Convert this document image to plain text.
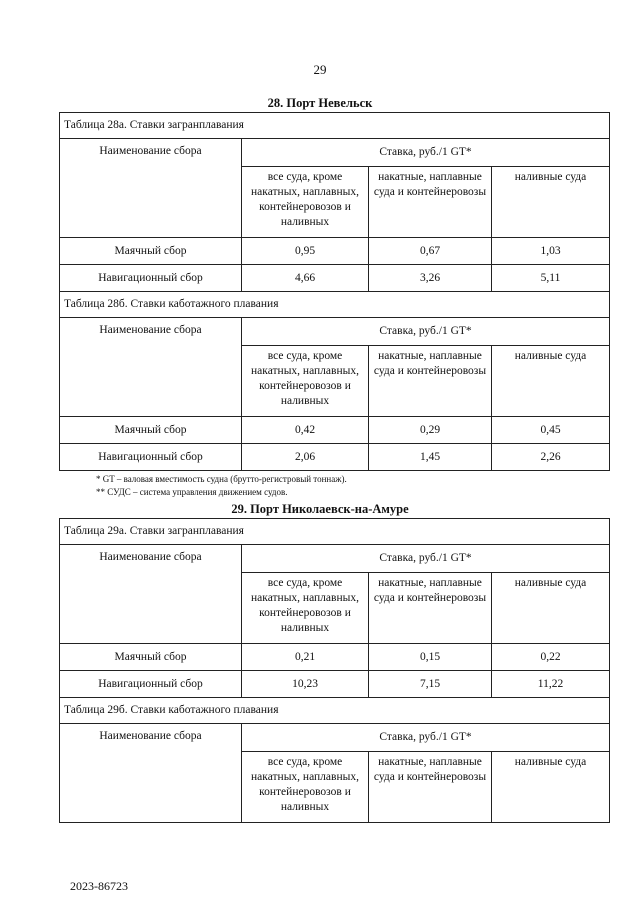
29
28. Порт Невельск
Таблица 28а. Ставки загранплавания			
Наименование сбора	Ставка, руб./1 GT*		
	все суда, кроме накатных, наплавных, контейнеровозов и наливных	накатные, наплавные суда и контейнеровозы	наливные суда
Маячный сбор	0,95	0,67	1,03
Навигационный сбор	4,66	3,26	5,11
Таблица 28б. Ставки каботажного плавания			
Наименование сбора	Ставка, руб./1 GT*		
	все суда, кроме накатных, наплавных, контейнеровозов и наливных	накатные, наплавные суда и контейнеровозы	наливные суда
Маячный сбор	0,42	0,29	0,45
Навигационный сбор	2,06	1,45	2,26
* GT – валовая вместимость судна (брутто-регистровый тоннаж).
** СУДС – система управления движением судов.
29. Порт Николаевск-на-Амуре
Таблица 29а. Ставки загранплавания			
Наименование сбора	Ставка, руб./1 GT*		
	все суда, кроме накатных, наплавных, контейнеровозов и наливных	накатные, наплавные суда и контейнеровозы	наливные суда
Маячный сбор	0,21	0,15	0,22
Навигационный сбор	10,23	7,15	11,22
Таблица 29б. Ставки каботажного плавания			
Наименование сбора	Ставка, руб./1 GT*		
	все суда, кроме накатных, наплавных, контейнеровозов и наливных	накатные, наплавные суда и контейнеровозы	наливные суда
2023-86723
